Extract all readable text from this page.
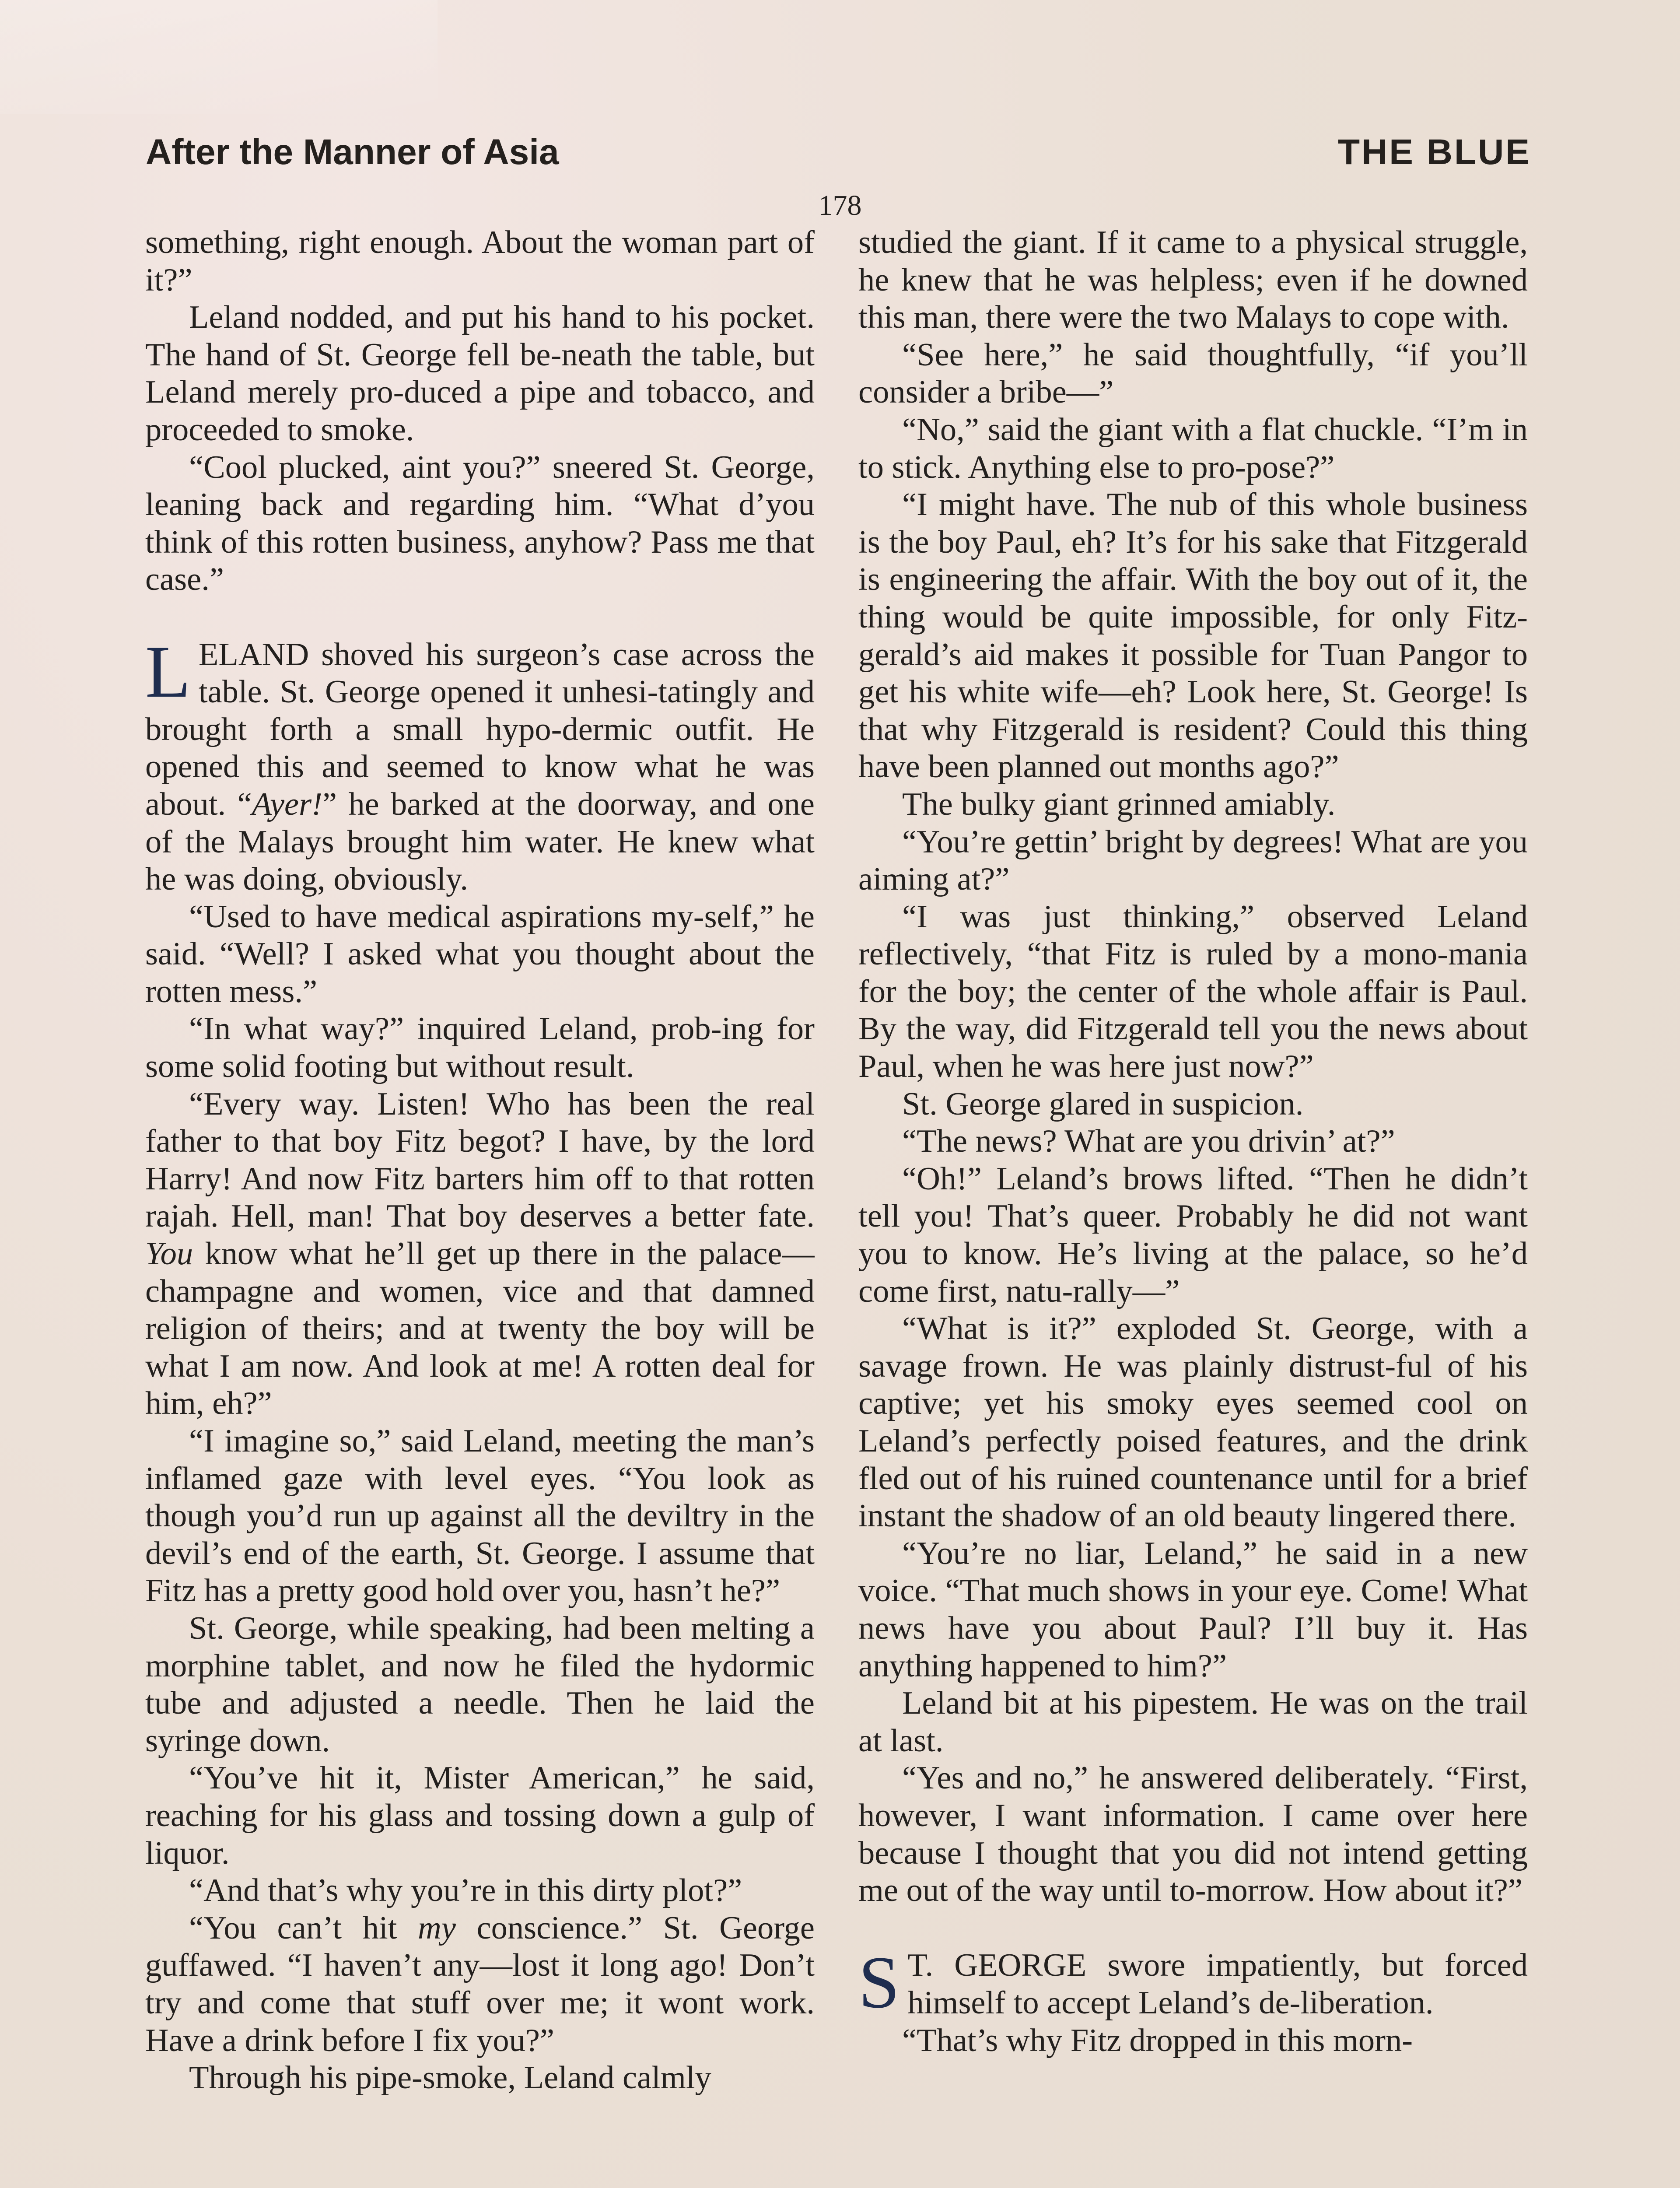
After the Manner of Asia	THE BLUE
178

something, right enough. About the woman part of it?”

Leland nodded, and put his hand to his pocket. The hand of St. George fell be-neath the table, but Leland merely pro-duced a pipe and tobacco, and proceeded to smoke.

“Cool plucked, aint you?” sneered St. George, leaning back and regarding him. “What d’you think of this rotten business, anyhow? Pass me that case.”

LELAND shoved his surgeon’s case across the table. St. George opened it unhesi-tatingly and brought forth a small hypo-dermic outfit. He opened this and seemed to know what he was about. “Ayer!” he barked at the doorway, and one of the Malays brought him water. He knew what he was doing, obviously.

“Used to have medical aspirations my-self,” he said. “Well? I asked what you thought about the rotten mess.”

“In what way?” inquired Leland, prob-ing for some solid footing but without result.

“Every way. Listen! Who has been the real father to that boy Fitz begot? I have, by the lord Harry! And now Fitz barters him off to that rotten rajah. Hell, man! That boy deserves a better fate. You know what he’ll get up there in the palace—champagne and women, vice and that damned religion of theirs; and at twenty the boy will be what I am now. And look at me! A rotten deal for him, eh?”

“I imagine so,” said Leland, meeting the man’s inflamed gaze with level eyes. “You look as though you’d run up against all the deviltry in the devil’s end of the earth, St. George. I assume that Fitz has a pretty good hold over you, hasn’t he?”

St. George, while speaking, had been melting a morphine tablet, and now he filed the hydormic tube and adjusted a needle. Then he laid the syringe down.

“You’ve hit it, Mister American,” he said, reaching for his glass and tossing down a gulp of liquor.

“And that’s why you’re in this dirty plot?”

“You can’t hit my conscience.” St. George guffawed. “I haven’t any—lost it long ago! Don’t try and come that stuff over me; it wont work. Have a drink before I fix you?”

Through his pipe-smoke, Leland calmly

studied the giant. If it came to a physical struggle, he knew that he was helpless; even if he downed this man, there were the two Malays to cope with.

“See here,” he said thoughtfully, “if you’ll consider a bribe—”

“No,” said the giant with a flat chuckle. “I’m in to stick. Anything else to pro-pose?”

“I might have. The nub of this whole business is the boy Paul, eh? It’s for his sake that Fitzgerald is engineering the affair. With the boy out of it, the thing would be quite impossible, for only Fitz-gerald’s aid makes it possible for Tuan Pangor to get his white wife—eh? Look here, St. George! Is that why Fitzgerald is resident? Could this thing have been planned out months ago?”

The bulky giant grinned amiably.

“You’re gettin’ bright by degrees! What are you aiming at?”

“I was just thinking,” observed Leland reflectively, “that Fitz is ruled by a mono-mania for the boy; the center of the whole affair is Paul. By the way, did Fitzgerald tell you the news about Paul, when he was here just now?”

St. George glared in suspicion.

“The news? What are you drivin’ at?”

“Oh!” Leland’s brows lifted. “Then he didn’t tell you! That’s queer. Probably he did not want you to know. He’s living at the palace, so he’d come first, natu-rally—”

“What is it?” exploded St. George, with a savage frown. He was plainly distrust-ful of his captive; yet his smoky eyes seemed cool on Leland’s perfectly poised features, and the drink fled out of his ruined countenance until for a brief instant the shadow of an old beauty lingered there.

“You’re no liar, Leland,” he said in a new voice. “That much shows in your eye. Come! What news have you about Paul? I’ll buy it. Has anything happened to him?”

Leland bit at his pipestem. He was on the trail at last.

“Yes and no,” he answered deliberately. “First, however, I want information. I came over here because I thought that you did not intend getting me out of the way until to-morrow. How about it?”

S T. GEORGE swore impatiently, but forced himself to accept Leland’s de-liberation.

“That’s why Fitz dropped in this morn-
